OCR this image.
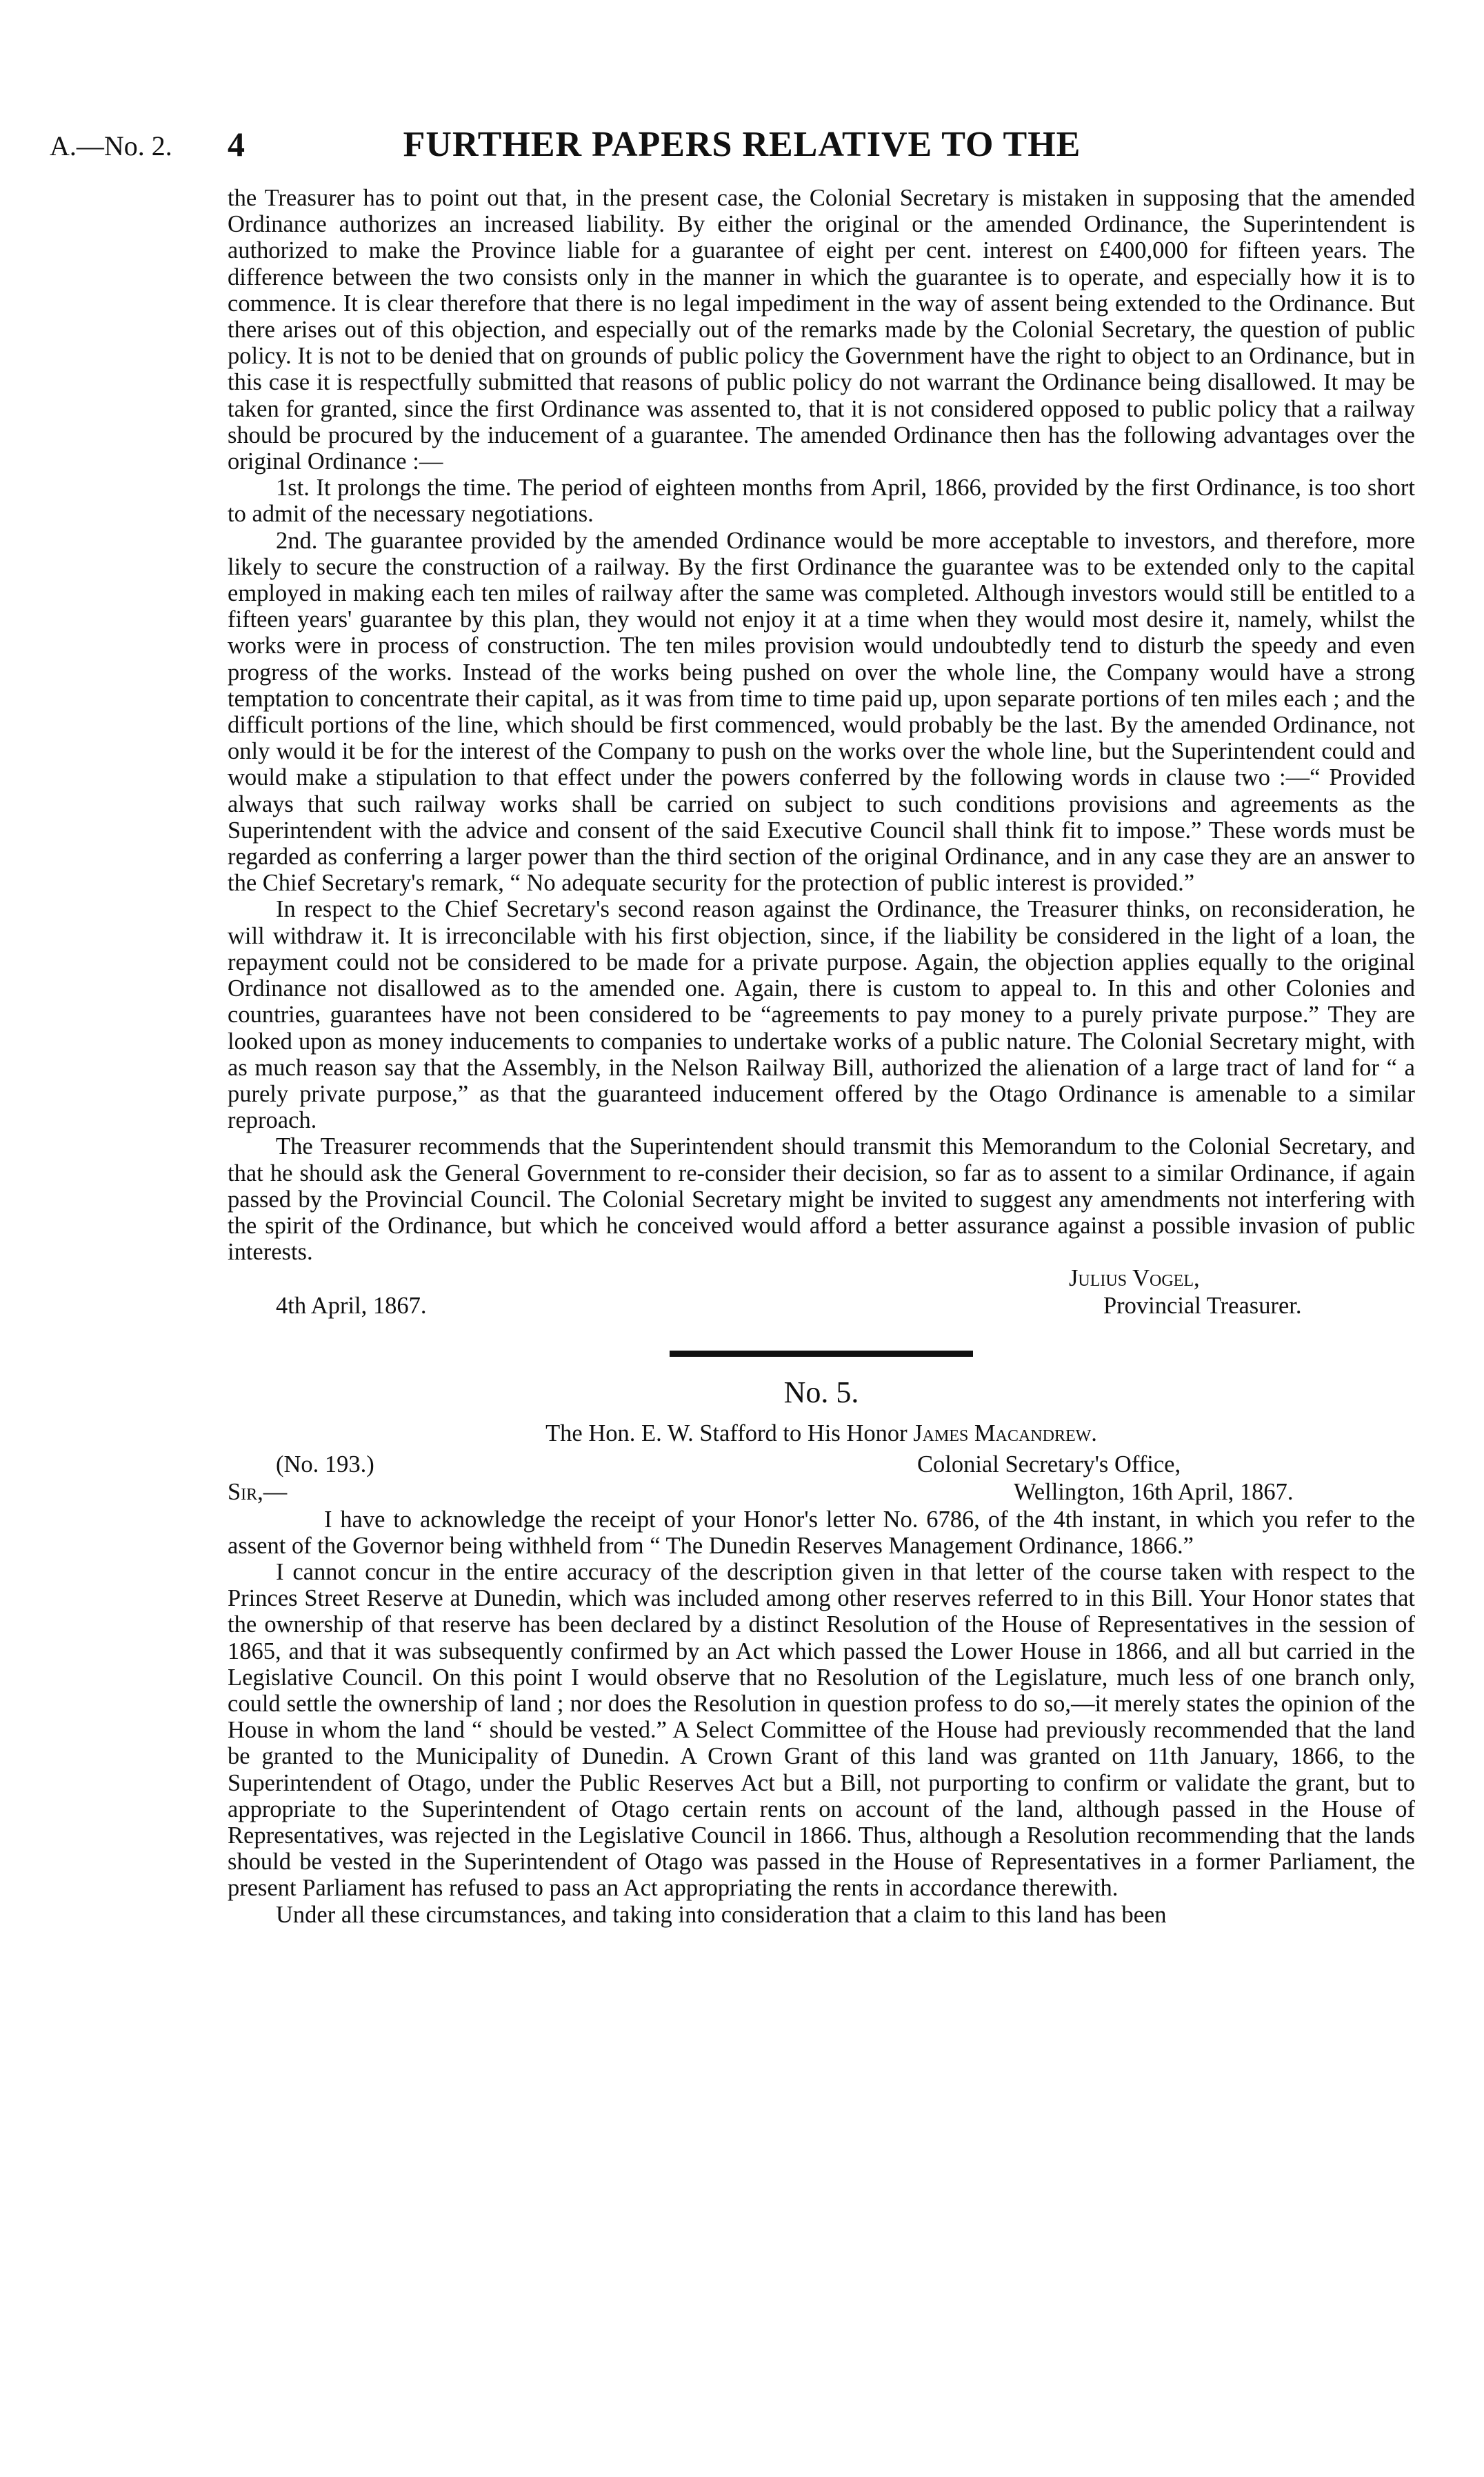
A.—No. 2. 4	FURTHER PAPERS RELATIVE TO THE

the Treasurer has to point out that, in the present case, the Colonial Secretary is mistaken in supposing that the amended Ordinance authorizes an increased liability. By either the original or the amended Ordinance, the Superintendent is authorized to make the Province liable for a guarantee of eight per cent. interest on £400,000 for fifteen years. The difference between the two consists only in the manner in which the guarantee is to operate, and especially how it is to commence. It is clear therefore that there is no legal impediment in the way of assent being extended to the Ordinance. But there arises out of this objection, and especially out of the remarks made by the Colonial Secretary, the question of public policy. It is not to be denied that on grounds of public policy the Government have the right to object to an Ordinance, but in this case it is respectfully submitted that reasons of public policy do not warrant the Ordinance being disallowed. It may be taken for granted, since the first Ordinance was assented to, that it is not considered opposed to public policy that a railway should be procured by the inducement of a guarantee. The amended Ordinance then has the following advantages over the original Ordinance :—

1st. It prolongs the time. The period of eighteen months from April, 1866, provided by the first Ordinance, is too short to admit of the necessary negotiations.

2nd. The guarantee provided by the amended Ordinance would be more acceptable to investors, and therefore, more likely to secure the construction of a railway. By the first Ordinance the guarantee was to be extended only to the capital employed in making each ten miles of railway after the same was completed. Although investors would still be entitled to a fifteen years' guarantee by this plan, they would not enjoy it at a time when they would most desire it, namely, whilst the works were in process of construction. The ten miles provision would undoubtedly tend to disturb the speedy and even progress of the works. Instead of the works being pushed on over the whole line, the Company would have a strong temptation to concentrate their capital, as it was from time to time paid up, upon separate portions of ten miles each ; and the difficult portions of the line, which should be first commenced, would probably be the last. By the amended Ordinance, not only would it be for the interest of the Company to push on the works over the whole line, but the Superintendent could and would make a stipulation to that effect under the powers conferred by the following words in clause two :—“ Provided always that such railway works shall be carried on subject to such conditions provisions and agreements as the Superintendent with the advice and consent of the said Executive Council shall think fit to impose.” These words must be regarded as conferring a larger power than the third section of the original Ordinance, and in any case they are an answer to the Chief Secretary's remark, “ No adequate security for the protection of public interest is provided.”

In respect to the Chief Secretary's second reason against the Ordinance, the Treasurer thinks, on reconsideration, he will withdraw it. It is irreconcilable with his first objection, since, if the liability be considered in the light of a loan, the repayment could not be considered to be made for a private purpose. Again, the objection applies equally to the original Ordinance not disallowed as to the amended one. Again, there is custom to appeal to. In this and other Colonies and countries, guarantees have not been considered to be “agreements to pay money to a purely private purpose.” They are looked upon as money inducements to companies to undertake works of a public nature. The Colonial Secretary might, with as much reason say that the Assembly, in the Nelson Railway Bill, authorized the alienation of a large tract of land for “ a purely private purpose,” as that the guaranteed inducement offered by the Otago Ordinance is amenable to a similar reproach.

The Treasurer recommends that the Superintendent should transmit this Memorandum to the Colonial Secretary, and that he should ask the General Government to re-consider their decision, so far as to assent to a similar Ordinance, if again passed by the Provincial Council. The Colonial Secretary might be invited to suggest any amendments not interfering with the spirit of the Ordinance, but which he conceived would afford a better assurance against a possible invasion of public interests.

Julius Vogel,
4th April, 1867.	Provincial Treasurer.
No. 5.
The Hon. E. W. Stafford to His Honor James Macandrew.
(No. 193.)	Colonial Secretary's Office,
Sir,—	Wellington, 16th April, 1867.

I have to acknowledge the receipt of your Honor's letter No. 6786, of the 4th instant, in which you refer to the assent of the Governor being withheld from “ The Dunedin Reserves Management Ordinance, 1866.”

I cannot concur in the entire accuracy of the description given in that letter of the course taken with respect to the Princes Street Reserve at Dunedin, which was included among other reserves referred to in this Bill. Your Honor states that the ownership of that reserve has been declared by a distinct Resolution of the House of Representatives in the session of 1865, and that it was subsequently confirmed by an Act which passed the Lower House in 1866, and all but carried in the Legislative Council. On this point I would observe that no Resolution of the Legislature, much less of one branch only, could settle the ownership of land ; nor does the Resolution in question profess to do so,—it merely states the opinion of the House in whom the land “ should be vested.” A Select Committee of the House had previously recommended that the land be granted to the Municipality of Dunedin. A Crown Grant of this land was granted on 11th January, 1866, to the Superintendent of Otago, under the Public Reserves Act but a Bill, not purporting to confirm or validate the grant, but to appropriate to the Superintendent of Otago certain rents on account of the land, although passed in the House of Representatives, was rejected in the Legislative Council in 1866. Thus, although a Resolution recommending that the lands should be vested in the Superintendent of Otago was passed in the House of Representatives in a former Parliament, the present Parliament has refused to pass an Act appropriating the rents in accordance therewith.

Under all these circumstances, and taking into consideration that a claim to this land has been
